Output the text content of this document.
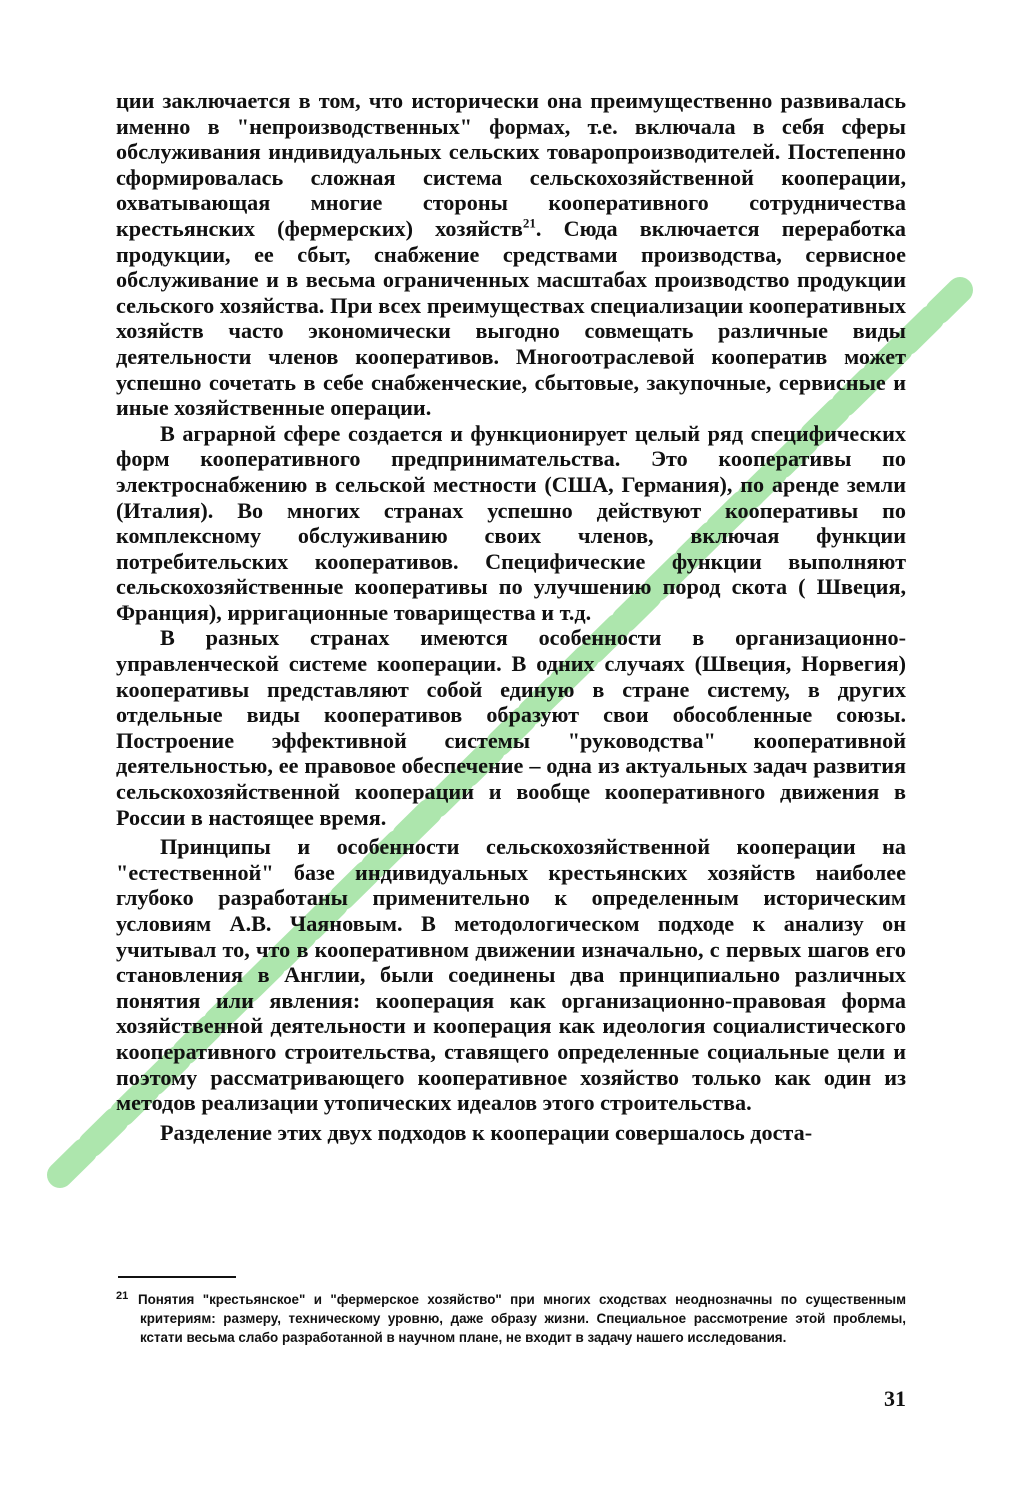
ции заключается в том, что исторически она преимущественно развивалась именно в "непроизводственных" формах, т.е. включала в себя сферы обслуживания индивидуальных сельских товаропроизводителей. Постепенно сформировалась сложная система сельскохозяйственной кооперации, охватывающая многие стороны кооперативного сотрудничества крестьянских (фермерских) хозяйств$^{21}$. Сюда включается переработка продукции, ее сбыт, снабжение средствами производства, сервисное обслуживание и в весьма ограниченных масштабах производство продукции сельского хозяйства. При всех преимуществах специализации кооперативных хозяйств часто экономически выгодно совмещать различные виды деятельности членов кооперативов. Многоотраслевой кооператив может успешно сочетать в себе снабженческие, сбытовые, закупочные, сервисные и иные хозяйственные операции.

В аграрной сфере создается и функционирует целый ряд специфических форм кооперативного предпринимательства. Это кооперативы по электроснабжению в сельской местности (США, Германия), по аренде земли (Италия). Во многих странах успешно действуют кооперативы по комплексному обслуживанию своих членов, включая функции потребительских кооперативов. Специфические функции выполняют сельскохозяйственные кооперативы по улучшению пород скота ( Швеция, Франция), ирригационные товарищества и т.д.

В разных странах имеются особенности в организационно-управленческой системе кооперации. В одних случаях (Швеция, Норвегия) кооперативы представляют собой единую в стране систему, в других отдельные виды кооперативов образуют свои обособленные союзы. Построение эффективной системы "руководства" кооперативной деятельностью, ее правовое обеспечение – одна из актуальных задач развития сельскохозяйственной кооперации и вообще кооперативного движения в России в настоящее время.

Принципы и особенности сельскохозяйственной кооперации на "естественной" базе индивидуальных крестьянских хозяйств наиболее глубоко разработаны применительно к определенным историческим условиям А.В. Чаяновым. В методологическом подходе к анализу он учитывал то, что в кооперативном движении изначально, с первых шагов его становления в Англии, были соединены два принципиально различных понятия или явления: кооперация как организационно-правовая форма хозяйственной деятельности и кооперация как идеология социалистического кооперативного строительства, ставящего определенные социальные цели и поэтому рассматривающего кооперативное хозяйство только как один из методов реализации утопических идеалов этого строительства.

Разделение этих двух подходов к кооперации совершалось доста-

21 Понятия "крестьянское" и "фермерское хозяйство" при многих сходствах неоднозначны по существенным критериям: размеру, техническому уровню, даже образу жизни. Специальное рассмотрение этой проблемы, кстати весьма слабо разработанной в научном плане, не входит в задачу нашего исследования.
31
